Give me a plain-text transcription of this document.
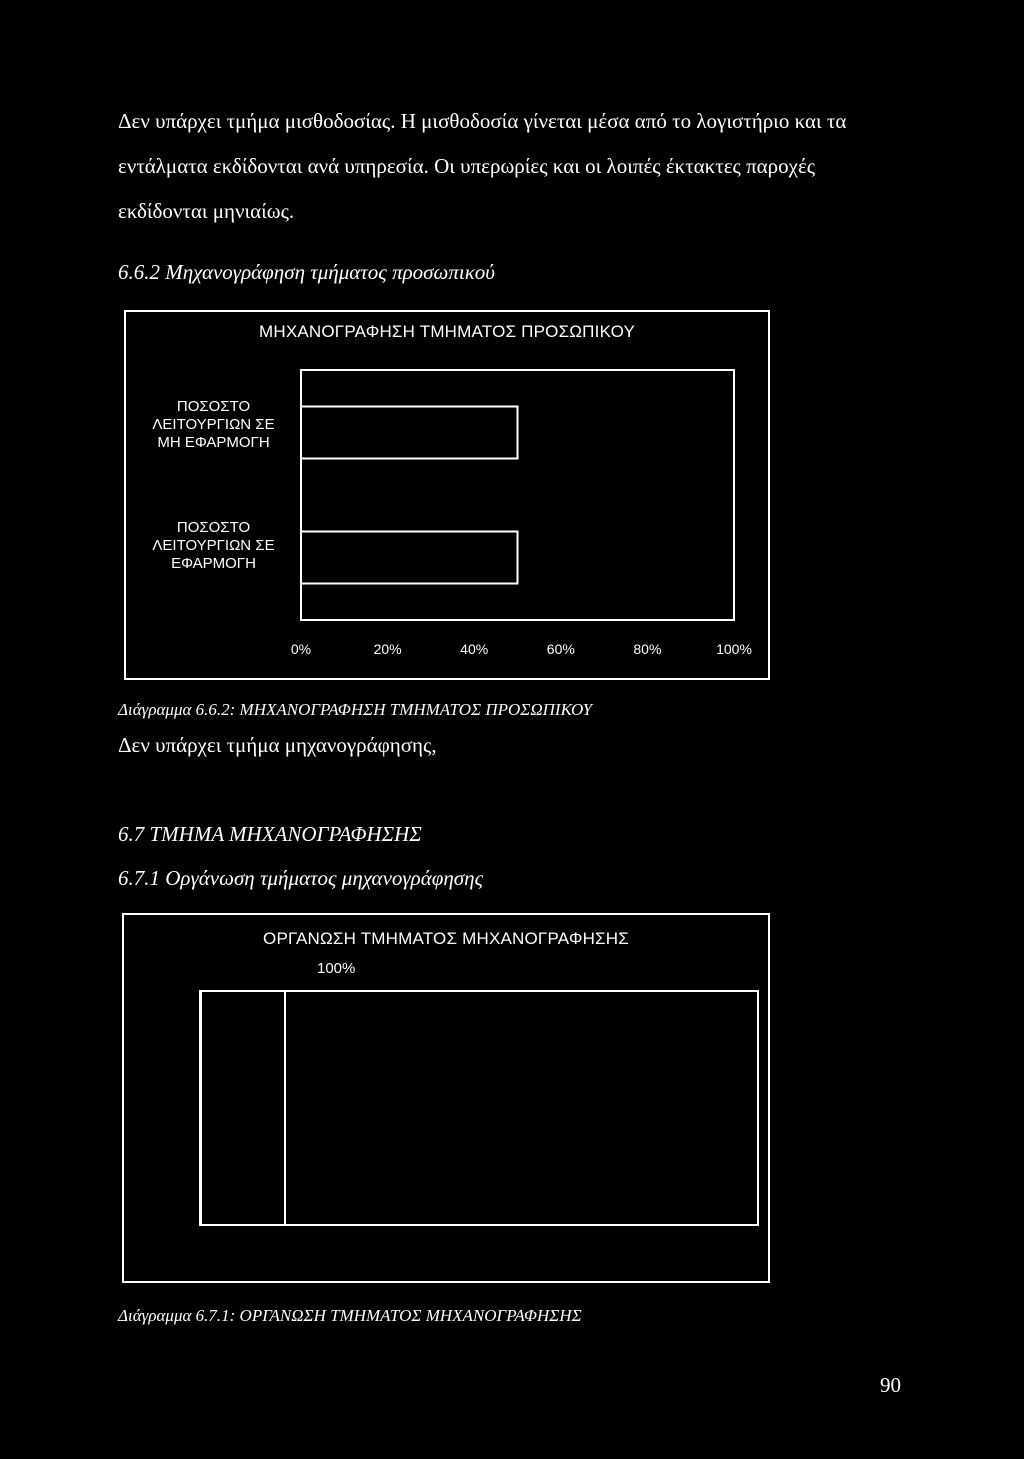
Δεν υπάρχει τμήμα μισθοδοσίας. Η μισθοδοσία γίνεται μέσα από το λογιστήριο και τα εντάλματα εκδίδονται ανά υπηρεσία. Οι υπερωρίες και οι λοιπές έκτακτες παροχές εκδίδονται μηνιαίως.

6.6.2 Μηχανογράφηση τμήματος προσωπικού

ΜΗΧΑΝΟΓΡΑΦΗΣΗ ΤΜΗΜΑΤΟΣ ΠΡΟΣΩΠΙΚΟΥ
ΠΟΣΟΣΤΟ
ΛΕΙΤΟΥΡΓΙΩΝ ΣΕ
ΜΗ ΕΦΑΡΜΟΓΗ
ΠΟΣΟΣΤΟ
ΛΕΙΤΟΥΡΓΙΩΝ ΣΕ
ΕΦΑΡΜΟΓΗ
0%	20%	40%	60%	80%	100%

Διάγραμμα 6.6.2: ΜΗΧΑΝΟΓΡΑΦΗΣΗ ΤΜΗΜΑΤΟΣ ΠΡΟΣΩΠΙΚΟΥ

Δεν υπάρχει τμήμα μηχανογράφησης,

6.7 ΤΜΗΜΑ ΜΗΧΑΝΟΓΡΑΦΗΣΗΣ

6.7.1 Οργάνωση τμήματος μηχανογράφησης

ΟΡΓΑΝΩΣΗ ΤΜΗΜΑΤΟΣ ΜΗΧΑΝΟΓΡΑΦΗΣΗΣ
100%

Διάγραμμα 6.7.1: ΟΡΓΑΝΩΣΗ ΤΜΗΜΑΤΟΣ ΜΗΧΑΝΟΓΡΑΦΗΣΗΣ

90
